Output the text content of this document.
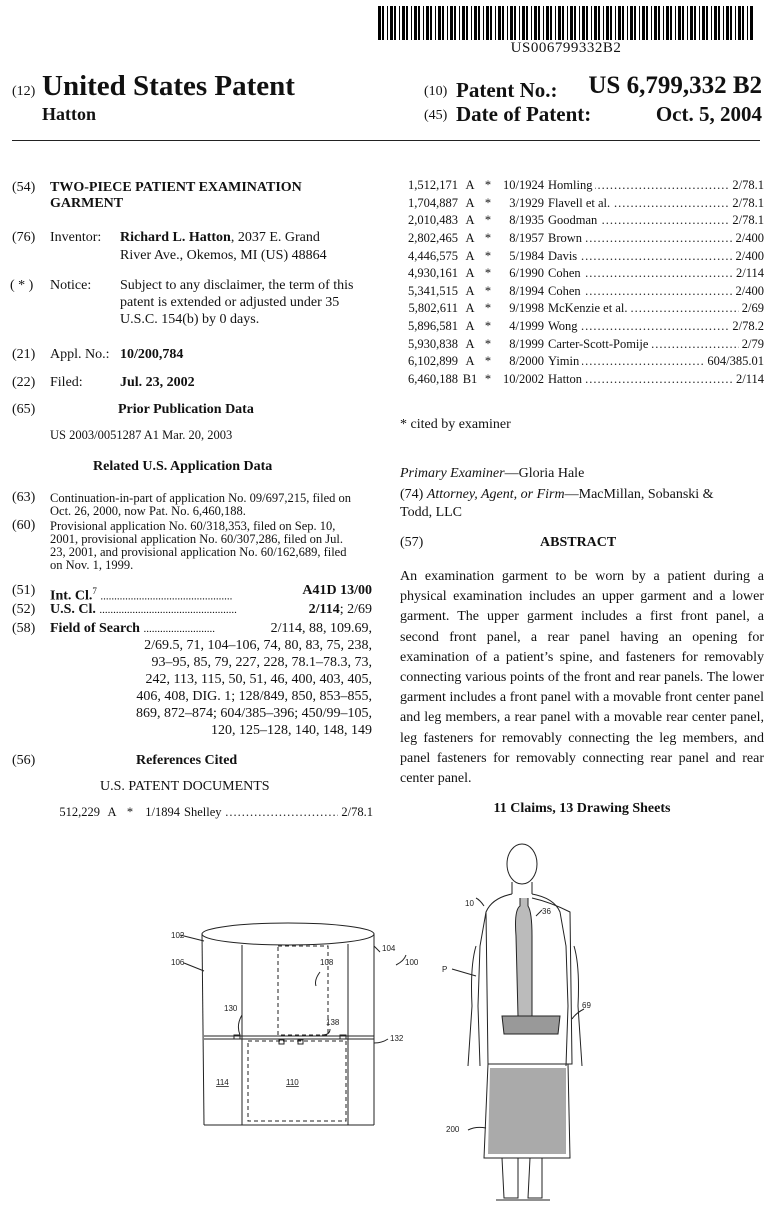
US006799332B2
(12) United States Patent
Hatton
(10) Patent No.: US 6,799,332 B2
(45) Date of Patent:	Oct. 5, 2004
(54) TWO-PIECE PATIENT EXAMINATION
GARMENT
(76) Inventor: Richard L. Hatton, 2037 E. Grand
River Ave., Okemos, MI (US) 48864
( * ) Notice: Subject to any disclaimer, the term of this
patent is extended or adjusted under 35
U.S.C. 154(b) by 0 days.
(21) Appl. No.: 10/200,784
(22) Filed:	Jul. 23, 2002
(65)	Prior Publication Data
US 2003/0051287 A1 Mar. 20, 2003
Related U.S. Application Data
(63) Continuation-in-part of application No. 09/697,215, filed on
Oct. 26, 2000, now Pat. No. 6,460,188.
(60) Provisional application No. 60/318,353, filed on Sep. 10,
2001, provisional application No. 60/307,286, filed on Jul.
23, 2001, and provisional application No. 60/162,689, filed
on Nov. 1, 1999.
(51) Int. Cl.$^7$ ................................................	A41D 13/00
(52) U.S. Cl. ..................................................	2/114; 2/69
(58) Field of Search ..........................	2/114, 88, 109.69,
2/69.5, 71, 104–106, 74, 80, 83, 75, 238,
93–95, 85, 79, 227, 228, 78.1–78.3, 73,
242, 113, 115, 50, 51, 46, 400, 403, 405,
406, 408, DIG. 1; 128/849, 850, 853–855,
869, 872–874; 604/385–396; 450/99–105,
120, 125–128, 140, 148, 149
(56)	References Cited
U.S. PATENT DOCUMENTS
512,229 A * 1/1894 Shelley .....	2/78.1
1,512,171 A * 10/1924 Homling .....	2/78.1
1,704,887 A *	3/1929 Flavell et al. .....	2/78.1
2,010,483 A *	8/1935 Goodman .....	2/78.1
2,802,465 A *	8/1957 Brown .....	2/400
4,446,575 A *	5/1984 Davis .....	2/400
4,930,161 A *	6/1990 Cohen .....	2/114
5,341,515 A *	8/1994 Cohen .....	2/400
5,802,611 A *	9/1998 McKenzie et al. .....	2/69
5,896,581 A *	4/1999 Wong .....	2/78.2
5,930,838 A *	8/1999 Carter-Scott-Pomije .....	2/79
6,102,899 A *	8/2000 Yimin .....	604/385.01
6,460,188 B1 * 10/2002 Hatton .....	2/114
* cited by examiner
Primary Examiner—Gloria Hale
(74) Attorney, Agent, or Firm—MacMillan, Sobanski &
Todd, LLC
(57)	ABSTRACT
An examination garment to be worn by a patient during a physical examination includes an upper garment and a lower garment. The upper garment includes a first front panel, a second front panel, a rear panel having an opening for examination of a patient’s spine, and fasteners for removably connecting various points of the front and rear panels. The lower garment includes a front panel with a movable front center panel and leg members, a rear panel with a movable rear center panel, leg fasteners for removably connecting the leg members, and panel fasteners for removably connecting rear panel and rear center panel.
11 Claims, 13 Drawing Sheets
102
104
106	108	100
130
138
132
114	110
10
36
P
69
200
